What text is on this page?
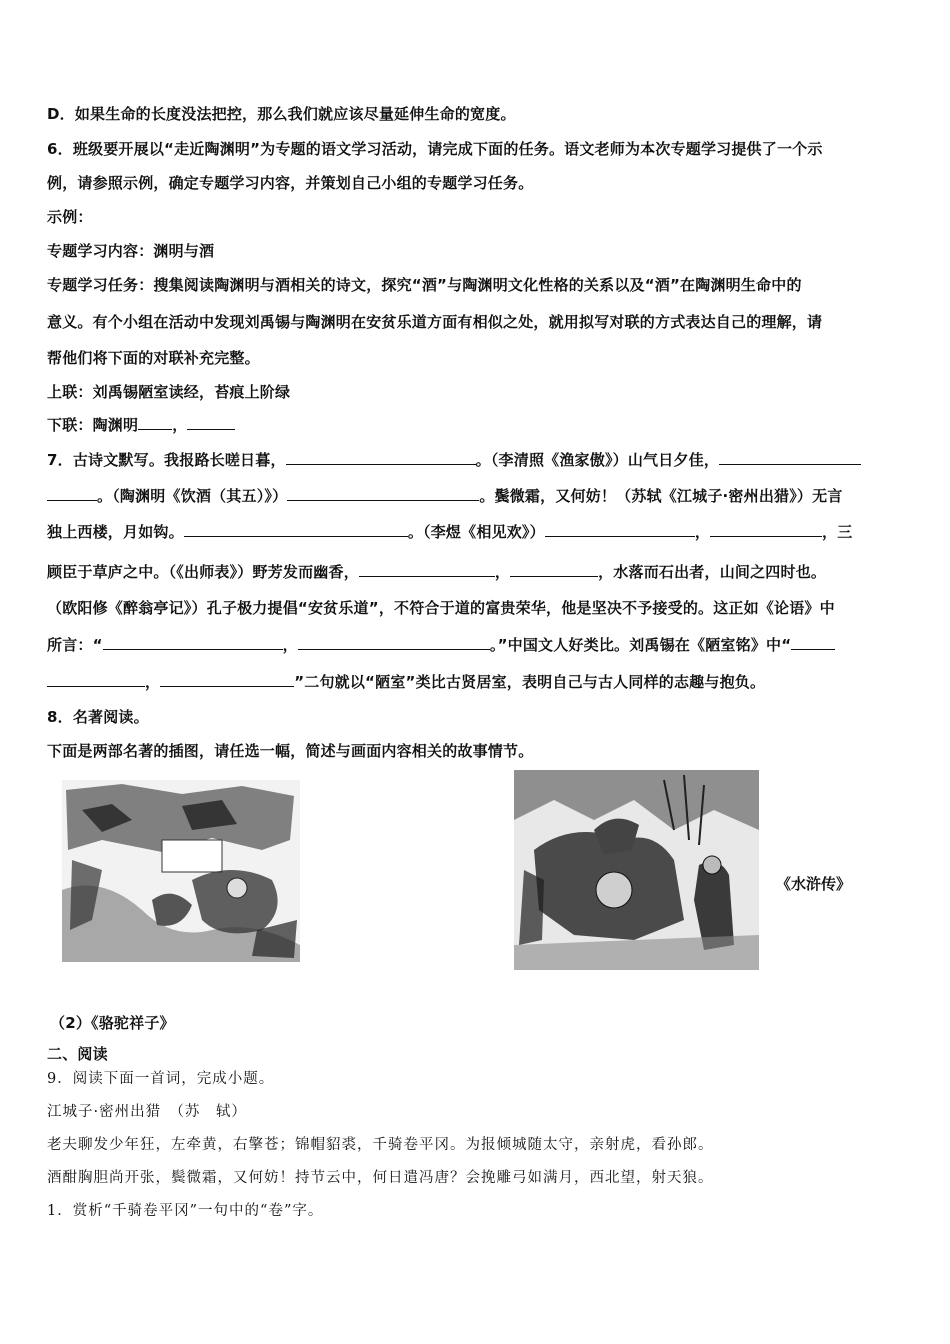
D．如果生命的长度没法把控，那么我们就应该尽量延伸生命的宽度。
6．班级要开展以“走近陶渊明”为专题的语文学习活动，请完成下面的任务。语文老师为本次专题学习提供了一个示
例，请参照示例，确定专题学习内容，并策划自己小组的专题学习任务。
示例：
专题学习内容：渊明与酒
专题学习任务：搜集阅读陶渊明与酒相关的诗文，探究“酒”与陶渊明文化性格的关系以及“酒”在陶渊明生命中的
意义。有个小组在活动中发现刘禹锡与陶渊明在安贫乐道方面有相似之处，就用拟写对联的方式表达自己的理解，请
帮他们将下面的对联补充完整。
上联：刘禹锡陋室读经，苔痕上阶绿
下联：陶渊明 ，
7．古诗文默写。我报路长嗟日暮，	。（李清照《渔家傲》）山气日夕佳，
。（陶渊明《饮酒（其五）》）	。鬓微霜，又何妨！（苏轼《江城子·密州出猎》）无言
独上西楼，月如钩。	。（李煜《相见欢》）	，	，三
顾臣于草庐之中。（《出师表》）野芳发而幽香，	，	，水落而石出者，山间之四时也。
（欧阳修《醉翁亭记》）孔子极力提倡“安贫乐道”，不符合于道的富贵荣华，他是坚决不予接受的。这正如《论语》中
所言：“	，	。”中国文人好类比。刘禹锡在《陋室铭》中“
，	”二句就以“陋室”类比古贤居室，表明自己与古人同样的志趣与抱负。
8．名著阅读。
下面是两部名著的插图，请任选一幅，简述与画面内容相关的故事情节。
《水浒传》
（2）《骆驼祥子》
二、阅读
9．阅读下面一首词，完成小题。
江城子·密州出猎　（苏　轼）
老夫聊发少年狂，左牵黄，右擎苍；锦帽貂裘，千骑卷平冈。为报倾城随太守，亲射虎，看孙郎。
酒酣胸胆尚开张，鬓微霜，又何妨！持节云中，何日遣冯唐？会挽雕弓如满月，西北望，射天狼。
1．赏析“千骑卷平冈”一句中的“卷”字。
